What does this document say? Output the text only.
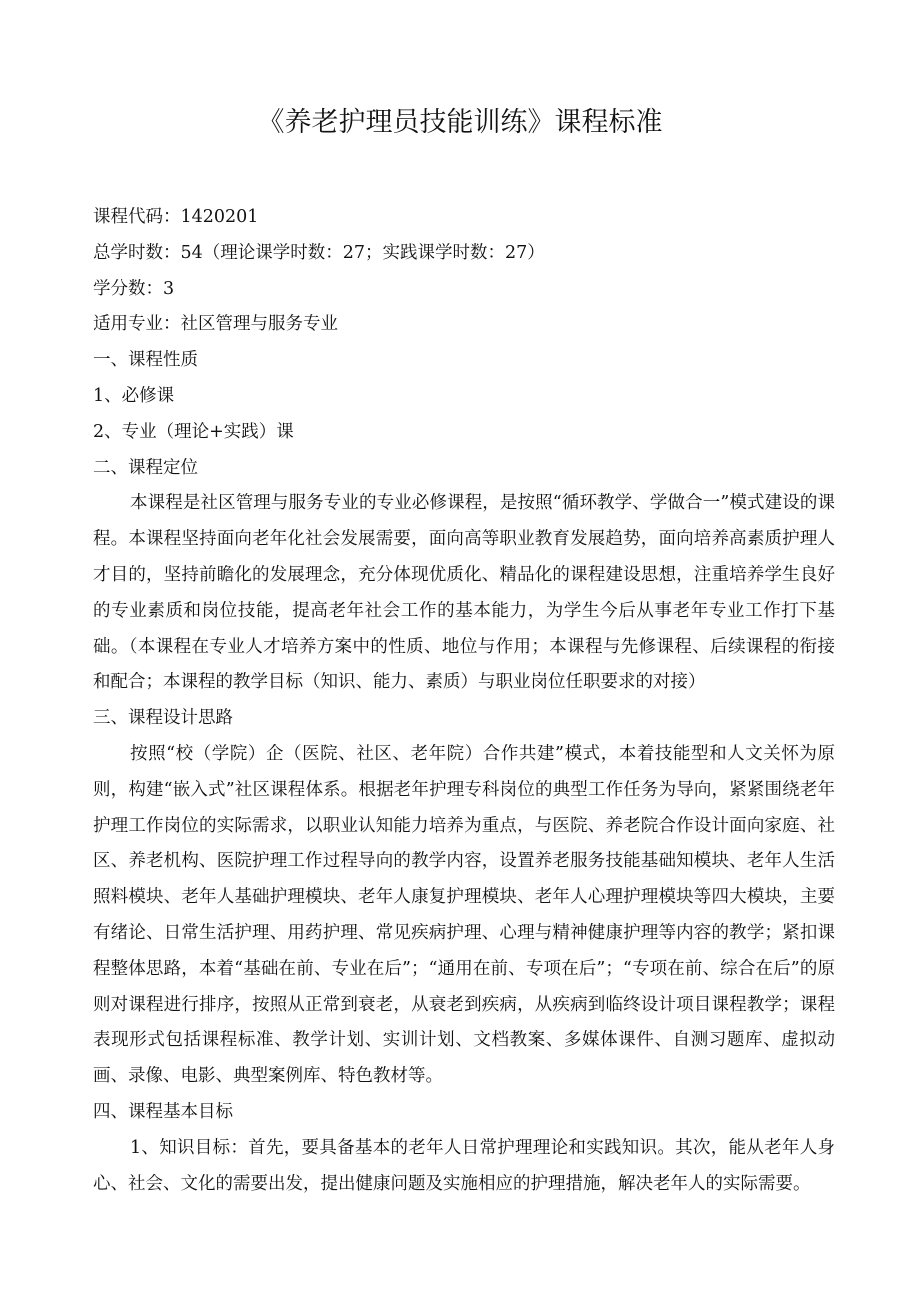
《养老护理员技能训练》课程标准

课程代码：1420201

总学时数：54（理论课学时数：27；实践课学时数：27）

学分数：3

适用专业：社区管理与服务专业

一、课程性质

1、必修课

2、专业（理论+实践）课

二、课程定位

本课程是社区管理与服务专业的专业必修课程，是按照“循环教学、学做合一”模式建设的课程。本课程坚持面向老年化社会发展需要，面向高等职业教育发展趋势，面向培养高素质护理人才目的，坚持前瞻化的发展理念，充分体现优质化、精品化的课程建设思想，注重培养学生良好的专业素质和岗位技能，提高老年社会工作的基本能力，为学生今后从事老年专业工作打下基础。（本课程在专业人才培养方案中的性质、地位与作用；本课程与先修课程、后续课程的衔接和配合；本课程的教学目标（知识、能力、素质）与职业岗位任职要求的对接）

三、课程设计思路

按照“校（学院）企（医院、社区、老年院）合作共建”模式，本着技能型和人文关怀为原则，构建“嵌入式”社区课程体系。根据老年护理专科岗位的典型工作任务为导向，紧紧围绕老年护理工作岗位的实际需求，以职业认知能力培养为重点，与医院、养老院合作设计面向家庭、社区、养老机构、医院护理工作过程导向的教学内容，设置养老服务技能基础知模块、老年人生活照料模块、老年人基础护理模块、老年人康复护理模块、老年人心理护理模块等四大模块，主要有绪论、日常生活护理、用药护理、常见疾病护理、心理与精神健康护理等内容的教学；紧扣课程整体思路，本着“基础在前、专业在后”；“通用在前、专项在后”；“专项在前、综合在后”的原则对课程进行排序，按照从正常到衰老，从衰老到疾病，从疾病到临终设计项目课程教学；课程表现形式包括课程标准、教学计划、实训计划、文档教案、多媒体课件、自测习题库、虚拟动画、录像、电影、典型案例库、特色教材等。

四、课程基本目标

1、知识目标：首先，要具备基本的老年人日常护理理论和实践知识。其次，能从老年人身心、社会、文化的需要出发，提出健康问题及实施相应的护理措施，解决老年人的实际需要。
